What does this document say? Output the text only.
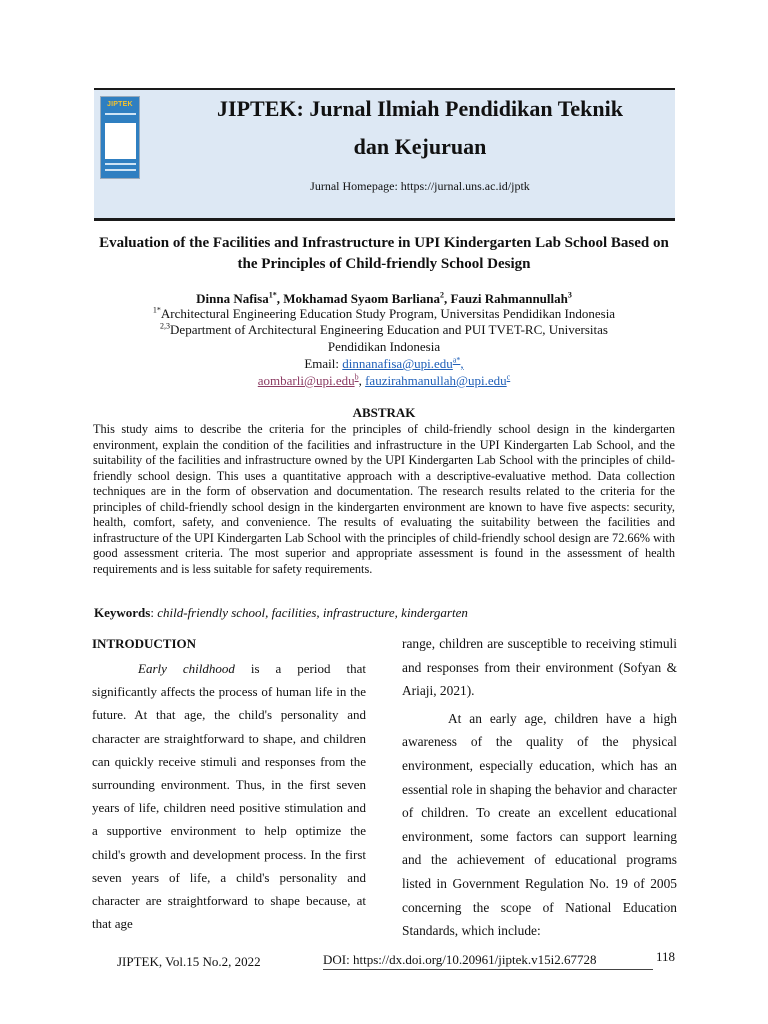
JIPTEK	JIPTEK: Jurnal Ilmiah Pendidikan Teknik
dan Kejuruan
Jurnal Homepage: https://jurnal.uns.ac.id/jptk
Evaluation of the Facilities and Infrastructure in UPI Kindergarten Lab School Based on the Principles of Child-friendly School Design
Dinna Nafisa$^{1*}$, Mokhamad Syaom Barliana$^2$, Fauzi Rahmannullah$^3$
$^{1*}$Architectural Engineering Education Study Program, Universitas Pendidikan Indonesia
$^{2,3}$Department of Architectural Engineering Education and PUI TVET-RC, Universitas
Pendidikan Indonesia
Email: dinnanafisa@upi.edu$^{a*}$,
aombarli@upi.edu$^b$, fauzirahmanullah@upi.edu$^c$
ABSTRAK

This study aims to describe the criteria for the principles of child-friendly school design in the kindergarten environment, explain the condition of the facilities and infrastructure in the UPI Kindergarten Lab School, and the suitability of the facilities and infrastructure owned by the UPI Kindergarten Lab School with the principles of child-friendly school design. This uses a quantitative approach with a descriptive-evaluative method. Data collection techniques are in the form of observation and documentation. The research results related to the criteria for the principles of child-friendly school design in the kindergarten environment are known to have five aspects: security, health, comfort, safety, and convenience. The results of evaluating the suitability between the facilities and infrastructure of the UPI Kindergarten Lab School with the principles of child-friendly school design are 72.66% with good assessment criteria. The most superior and appropriate assessment is found in the assessment of health requirements and is less suitable for safety requirements.

Keywords: child-friendly school, facilities, infrastructure, kindergarten
INTRODUCTION

Early childhood is a period that significantly affects the process of human life in the future. At that age, the child's personality and character are straightforward to shape, and children can quickly receive stimuli and responses from the surrounding environment. Thus, in the first seven years of life, children need positive stimulation and a supportive environment to help optimize the child's growth and development process. In the first seven years of life, a child's personality and character are straightforward to shape because, at that age

range, children are susceptible to receiving stimuli and responses from their environment (Sofyan & Ariaji, 2021).

At an early age, children have a high awareness of the quality of the physical environment, especially education, which has an essential role in shaping the behavior and character of children. To create an excellent educational environment, some factors can support learning and the achievement of educational programs listed in Government Regulation No. 19 of 2005 concerning the scope of National Education Standards, which include:

JIPTEK, Vol.15 No.2, 2022	DOI: https://dx.doi.org/10.20961/jiptek.v15i2.67728	118
